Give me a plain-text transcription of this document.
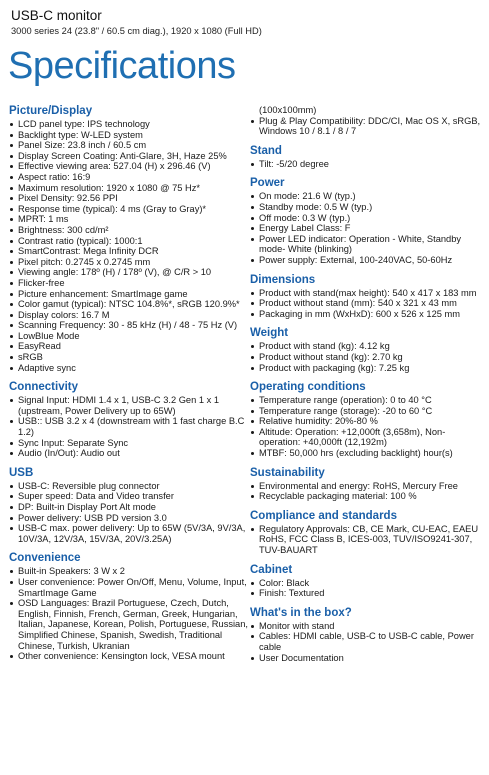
USB-C monitor
3000 series 24 (23.8" / 60.5 cm diag.), 1920 x 1080 (Full HD)
Specifications
Picture/Display
LCD panel type: IPS technology
Backlight type: W-LED system
Panel Size: 23.8 inch / 60.5 cm
Display Screen Coating: Anti-Glare, 3H, Haze 25%
Effective viewing area: 527.04 (H) x 296.46 (V)
Aspect ratio: 16:9
Maximum resolution: 1920 x 1080 @ 75 Hz*
Pixel Density: 92.56 PPI
Response time (typical): 4 ms (Gray to Gray)*
MPRT: 1 ms
Brightness: 300 cd/m²
Contrast ratio (typical): 1000:1
SmartContrast: Mega Infinity DCR
Pixel pitch: 0.2745 x 0.2745 mm
Viewing angle: 178º (H) / 178º (V), @ C/R > 10
Flicker-free
Picture enhancement: SmartImage game
Color gamut (typical): NTSC 104.8%*, sRGB 120.9%*
Display colors: 16.7 M
Scanning Frequency: 30 - 85 kHz (H) / 48 - 75 Hz (V)
LowBlue Mode
EasyRead
sRGB
Adaptive sync
Connectivity
Signal Input: HDMI 1.4 x 1, USB-C 3.2 Gen 1 x 1 (upstream, Power Delivery up to 65W)
USB:: USB 3.2 x 4 (downstream with 1 fast charge B.C 1.2)
Sync Input: Separate Sync
Audio (In/Out): Audio out
USB
USB-C: Reversible plug connector
Super speed: Data and Video transfer
DP: Built-in Display Port Alt mode
Power delivery: USB PD version 3.0
USB-C max. power delivery: Up to 65W (5V/3A, 9V/3A, 10V/3A, 12V/3A, 15V/3A, 20V/3.25A)
Convenience
Built-in Speakers: 3 W x 2
User convenience: Power On/Off, Menu, Volume, Input, SmartImage Game
OSD Languages: Brazil Portuguese, Czech, Dutch, English, Finnish, French, German, Greek, Hungarian, Italian, Japanese, Korean, Polish, Portuguese, Russian, Simplified Chinese, Spanish, Swedish, Traditional Chinese, Turkish, Ukranian
Other convenience: Kensington lock, VESA mount
(100x100mm)
Plug & Play Compatibility: DDC/CI, Mac OS X, sRGB, Windows 10 / 8.1 / 8 / 7
Stand
Tilt: -5/20 degree
Power
On mode: 21.6 W (typ.)
Standby mode: 0.5 W (typ.)
Off mode: 0.3 W (typ.)
Energy Label Class: F
Power LED indicator: Operation - White, Standby mode- White (blinking)
Power supply: External, 100-240VAC, 50-60Hz
Dimensions
Product with stand(max height): 540 x 417 x 183 mm
Product without stand (mm): 540 x 321 x 43 mm
Packaging in mm (WxHxD): 600 x 526 x 125 mm
Weight
Product with stand (kg): 4.12 kg
Product without stand (kg): 2.70 kg
Product with packaging (kg): 7.25 kg
Operating conditions
Temperature range (operation): 0 to 40 °C
Temperature range (storage): -20 to 60 °C
Relative humidity: 20%-80 %
Altitude: Operation: +12,000ft (3,658m), Non-operation: +40,000ft (12,192m)
MTBF: 50,000 hrs (excluding backlight) hour(s)
Sustainability
Environmental and energy: RoHS, Mercury Free
Recyclable packaging material: 100 %
Compliance and standards
Regulatory Approvals: CB, CE Mark, CU-EAC, EAEU RoHS, FCC Class B, ICES-003, TUV/ISO9241-307, TUV-BAUART
Cabinet
Color: Black
Finish: Textured
What's in the box?
Monitor with stand
Cables: HDMI cable, USB-C to USB-C cable, Power cable
User Documentation
